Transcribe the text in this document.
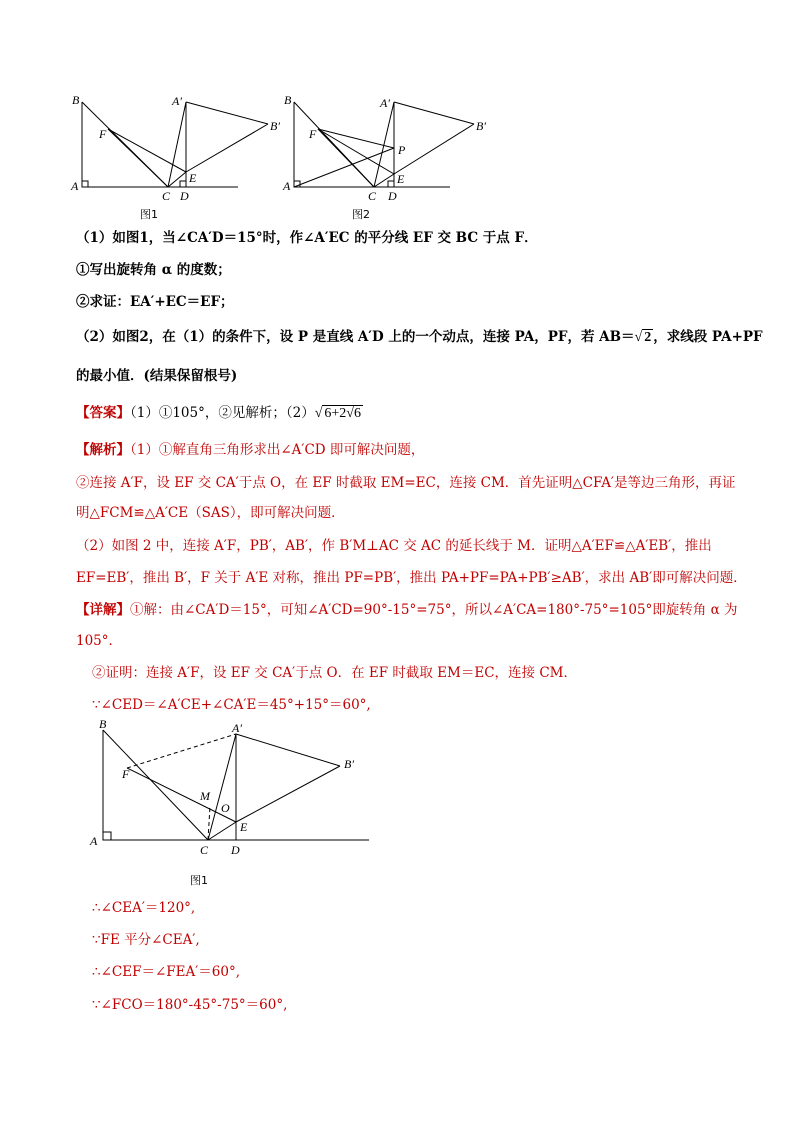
B
A
F
C D
E
A′
B′
图1
B
A
F
C D
E
P
A′
B′
图2
（1）如图1，当∠CA′D＝15°时，作∠A′EC 的平分线 EF 交 BC 于点 F．
①写出旋转角 α 的度数；
②求证：EA′+EC＝EF；
（2）如图2，在（1）的条件下，设 P 是直线 A′D 上的一个动点，连接 PA，PF，若 AB＝√ 2 ，求线段 PA+PF
的最小值．(结果保留根号)
【答案】（1）①105°，②见解析；（2）√ 6+2√6
【解析】（1）①解直角三角形求出∠A′CD 即可解决问题，
②连接 A′F，设 EF 交 CA′于点 O，在 EF 时截取 EM=EC，连接 CM．首先证明△CFA′是等边三角形，再证
明△FCM≌△A′CE（SAS），即可解决问题．
（2）如图 2 中，连接 A′F，PB′，AB′，作 B′M⊥AC 交 AC 的延长线于 M．证明△A′EF≌△A′EB′，推出
EF=EB′，推出 B′，F 关于 A′E 对称，推出 PF=PB′，推出 PA+PF=PA+PB′≥AB′，求出 AB′即可解决问题．
【详解】①解：由∠CA′D＝15°，可知∠A′CD=90°-15°=75°，所以∠A′CA=180°-75°=105°即旋转角 α 为
105°．
②证明：连接 A′F，设 EF 交 CA′于点 O．在 EF 时截取 EM＝EC，连接 CM．
∵∠CED＝∠A′CE+∠CA′E＝45°+15°＝60°,
B
A
F
C D
E
M
O
A′
B′
图1
∴∠CEA′＝120°,
∵FE 平分∠CEA′,
∴∠CEF＝∠FEA′＝60°,
∵∠FCO＝180°-45°-75°＝60°,
